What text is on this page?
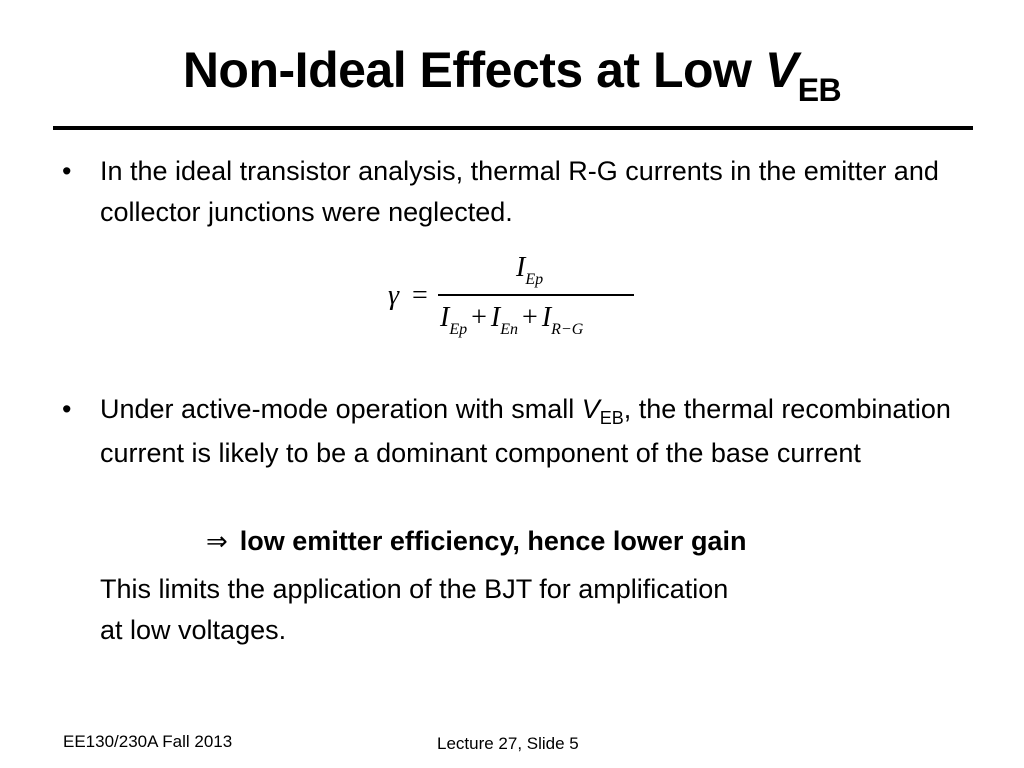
Non-Ideal Effects at Low $V_{EB}$
• In the ideal transistor analysis, thermal R-G currents in the emitter and collector junctions were neglected.
γ =
$I_{Ep}$
$I_{Ep} + I_{En} + I_{R-G}$
• Under active-mode operation with small $V_{EB}$, the thermal recombination current is likely to be a dominant component of the base current
⇒ low emitter efficiency, hence lower gain
This limits the application of the BJT for amplification
at low voltages.
EE130/230A Fall 2013	Lecture 27, Slide 5
